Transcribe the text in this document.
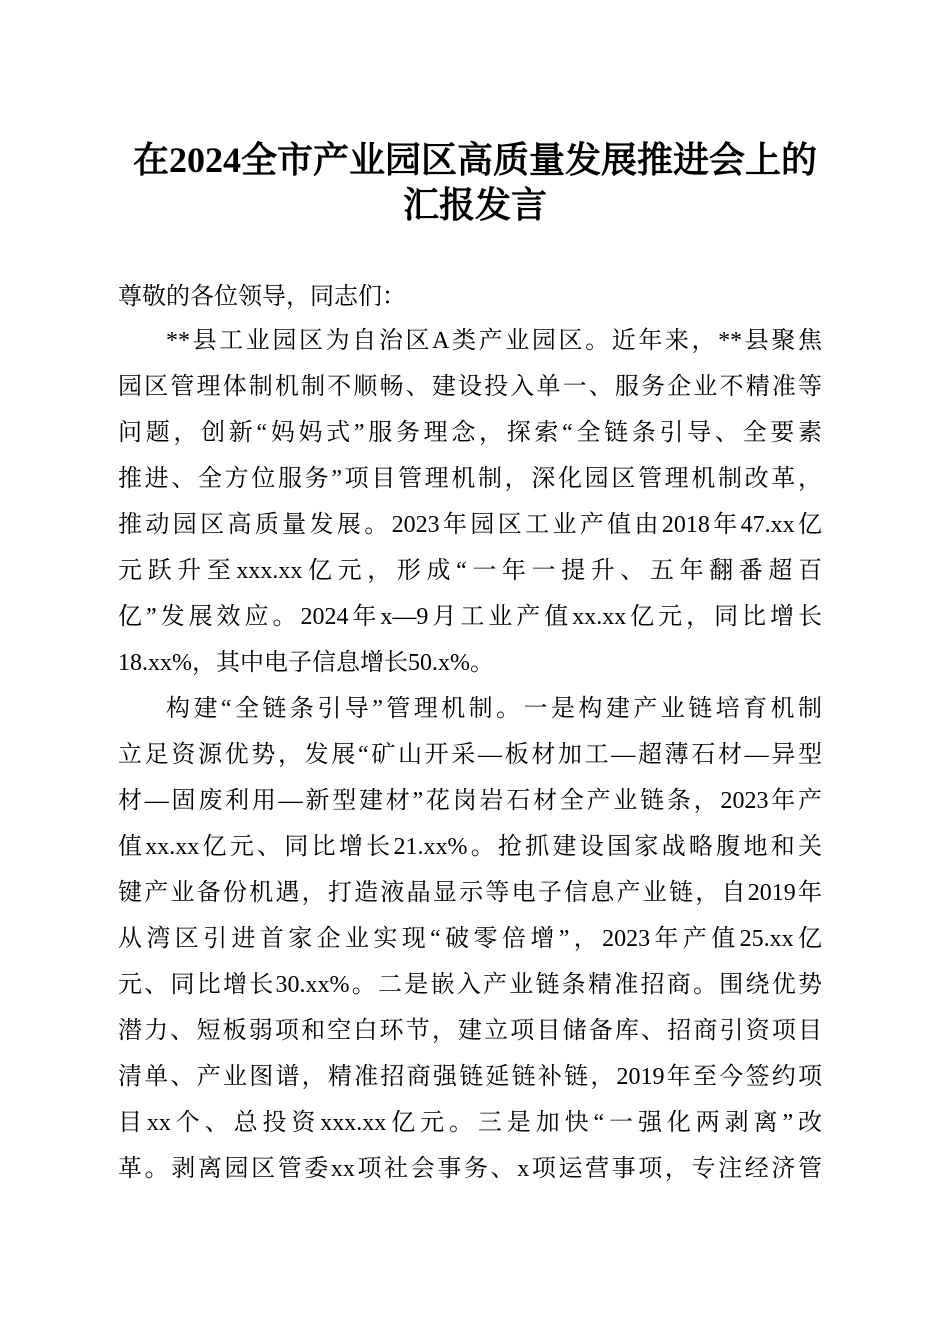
在2024全市产业园区高质量发展推进会上的
汇报发言
尊敬的各位领导，同志们：
**县工业园区为自治区A类产业园区。近年来，**县聚焦
园区管理体制机制不顺畅、建设投入单一、服务企业不精准等
问题，创新“妈妈式”服务理念，探索“全链条引导、全要素
推进、全方位服务”项目管理机制，深化园区管理机制改革，
推动园区高质量发展。2023年园区工业产值由2018年47.xx亿
元跃升至xxx.xx亿元，形成“一年一提升、五年翻番超百
亿”发展效应。2024年x—9月工业产值xx.xx亿元，同比增长
18.xx%，其中电子信息增长50.x%。
构建“全链条引导”管理机制。一是构建产业链培育机制
立足资源优势，发展“矿山开采—板材加工—超薄石材—异型
材—固废利用—新型建材”花岗岩石材全产业链条，2023年产
值xx.xx亿元、同比增长21.xx%。抢抓建设国家战略腹地和关
键产业备份机遇，打造液晶显示等电子信息产业链，自2019年
从湾区引进首家企业实现“破零倍增”，2023年产值25.xx亿
元、同比增长30.xx%。二是嵌入产业链条精准招商。围绕优势
潜力、短板弱项和空白环节，建立项目储备库、招商引资项目
清单、产业图谱，精准招商强链延链补链，2019年至今签约项
目xx个、总投资xxx.xx亿元。三是加快“一强化两剥离”改
革。剥离园区管委xx项社会事务、x项运营事项，专注经济管
